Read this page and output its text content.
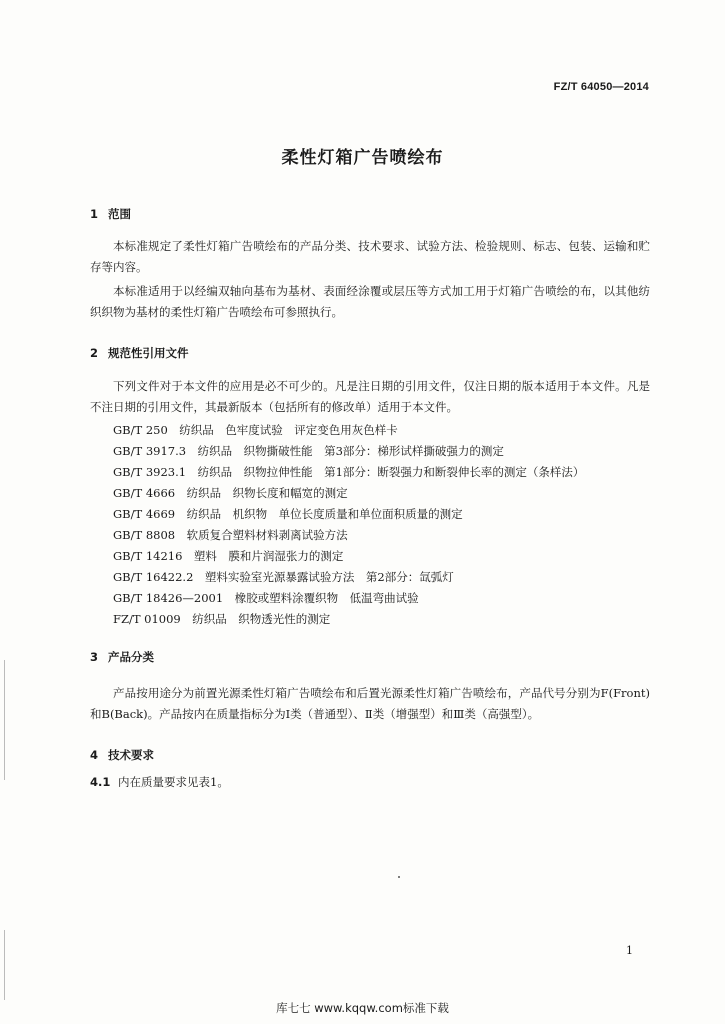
FZ/T 64050—2014
柔性灯箱广告喷绘布
1 范围
本标准规定了柔性灯箱广告喷绘布的产品分类、技术要求、试验方法、检验规则、标志、包装、运输和贮存等内容。
本标准适用于以经编双轴向基布为基材、表面经涂覆或层压等方式加工用于灯箱广告喷绘的布，以其他纺织织物为基材的柔性灯箱广告喷绘布可参照执行。
2 规范性引用文件
下列文件对于本文件的应用是必不可少的。凡是注日期的引用文件，仅注日期的版本适用于本文件。凡是不注日期的引用文件，其最新版本（包括所有的修改单）适用于本文件。
GB/T 250　纺织品　色牢度试验　评定变色用灰色样卡
GB/T 3917.3　纺织品　织物撕破性能　第3部分：梯形试样撕破强力的测定
GB/T 3923.1　纺织品　织物拉伸性能　第1部分：断裂强力和断裂伸长率的测定（条样法）
GB/T 4666　纺织品　织物长度和幅宽的测定
GB/T 4669　纺织品　机织物　单位长度质量和单位面积质量的测定
GB/T 8808　软质复合塑料材料剥离试验方法
GB/T 14216　塑料　膜和片润湿张力的测定
GB/T 16422.2　塑料实验室光源暴露试验方法　第2部分：氙弧灯
GB/T 18426—2001　橡胶或塑料涂覆织物　低温弯曲试验
FZ/T 01009　纺织品　织物透光性的测定
3 产品分类
产品按用途分为前置光源柔性灯箱广告喷绘布和后置光源柔性灯箱广告喷绘布，产品代号分别为F(Front)和B(Back)。产品按内在质量指标分为Ⅰ类（普通型）、Ⅱ类（增强型）和Ⅲ类（高强型）。
4 技术要求
4.1 内在质量要求见表1。
1
库七七 www.kqqw.com标准下载
